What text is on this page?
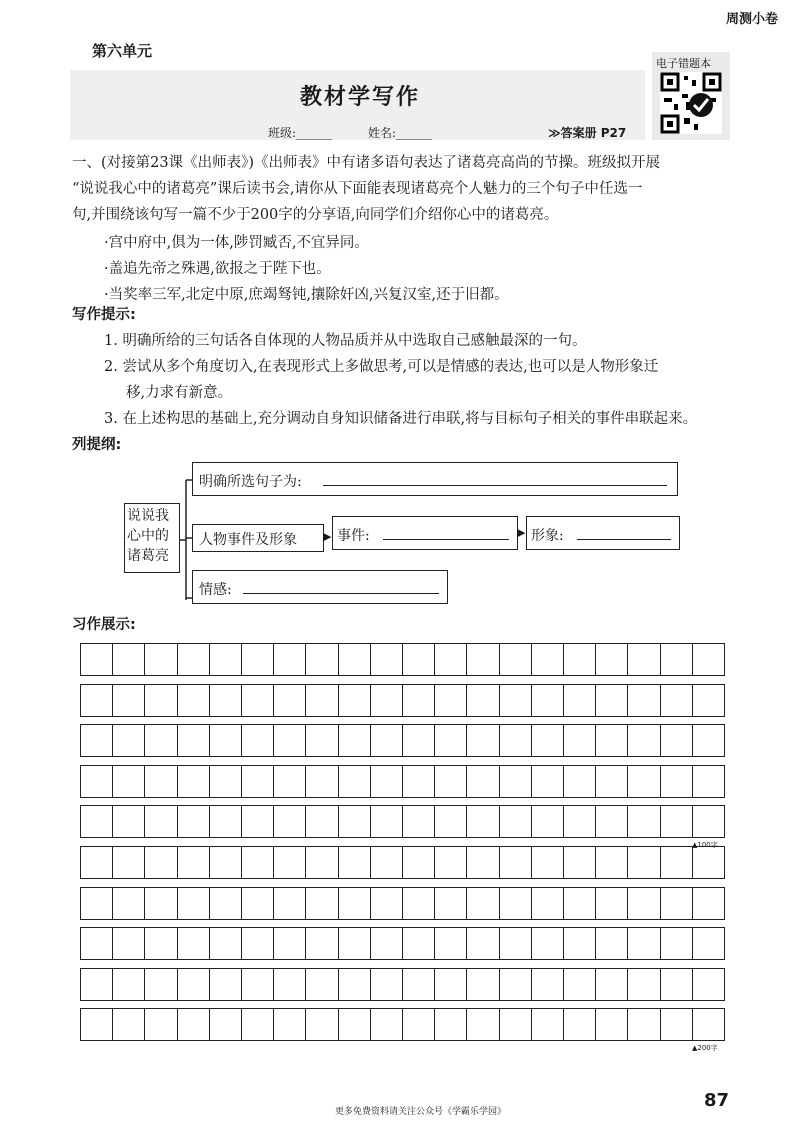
周测小卷
第六单元
教材学写作
电子错题本
班级:______	姓名:______	≫答案册 P27
一、(对接第23课《出师表》)《出师表》中有诸多语句表达了诸葛亮高尚的节操。班级拟开展
“说说我心中的诸葛亮”课后读书会,请你从下面能表现诸葛亮个人魅力的三个句子中任选一
句,并围绕该句写一篇不少于200字的分享语,向同学们介绍你心中的诸葛亮。
·宫中府中,俱为一体,陟罚臧否,不宜异同。
·盖追先帝之殊遇,欲报之于陛下也。
·当奖率三军,北定中原,庶竭驽钝,攘除奸凶,兴复汉室,还于旧都。
写作提示:
1. 明确所给的三句话各自体现的人物品质并从中选取自己感触最深的一句。
2. 尝试从多个角度切入,在表现形式上多做思考,可以是情感的表达,也可以是人物形象迁
移,力求有新意。
3. 在上述构思的基础上,充分调动自身知识储备进行串联,将与目标句子相关的事件串联起来。
列提纲:
说说我
心中的
诸葛亮
明确所选句子为:
人物事件及形象 ▶ 事件:	▶ 形象:
情感:
习作展示:
▲100字
▲200字
更多免费资料请关注公众号《学霸乐学园》
87
